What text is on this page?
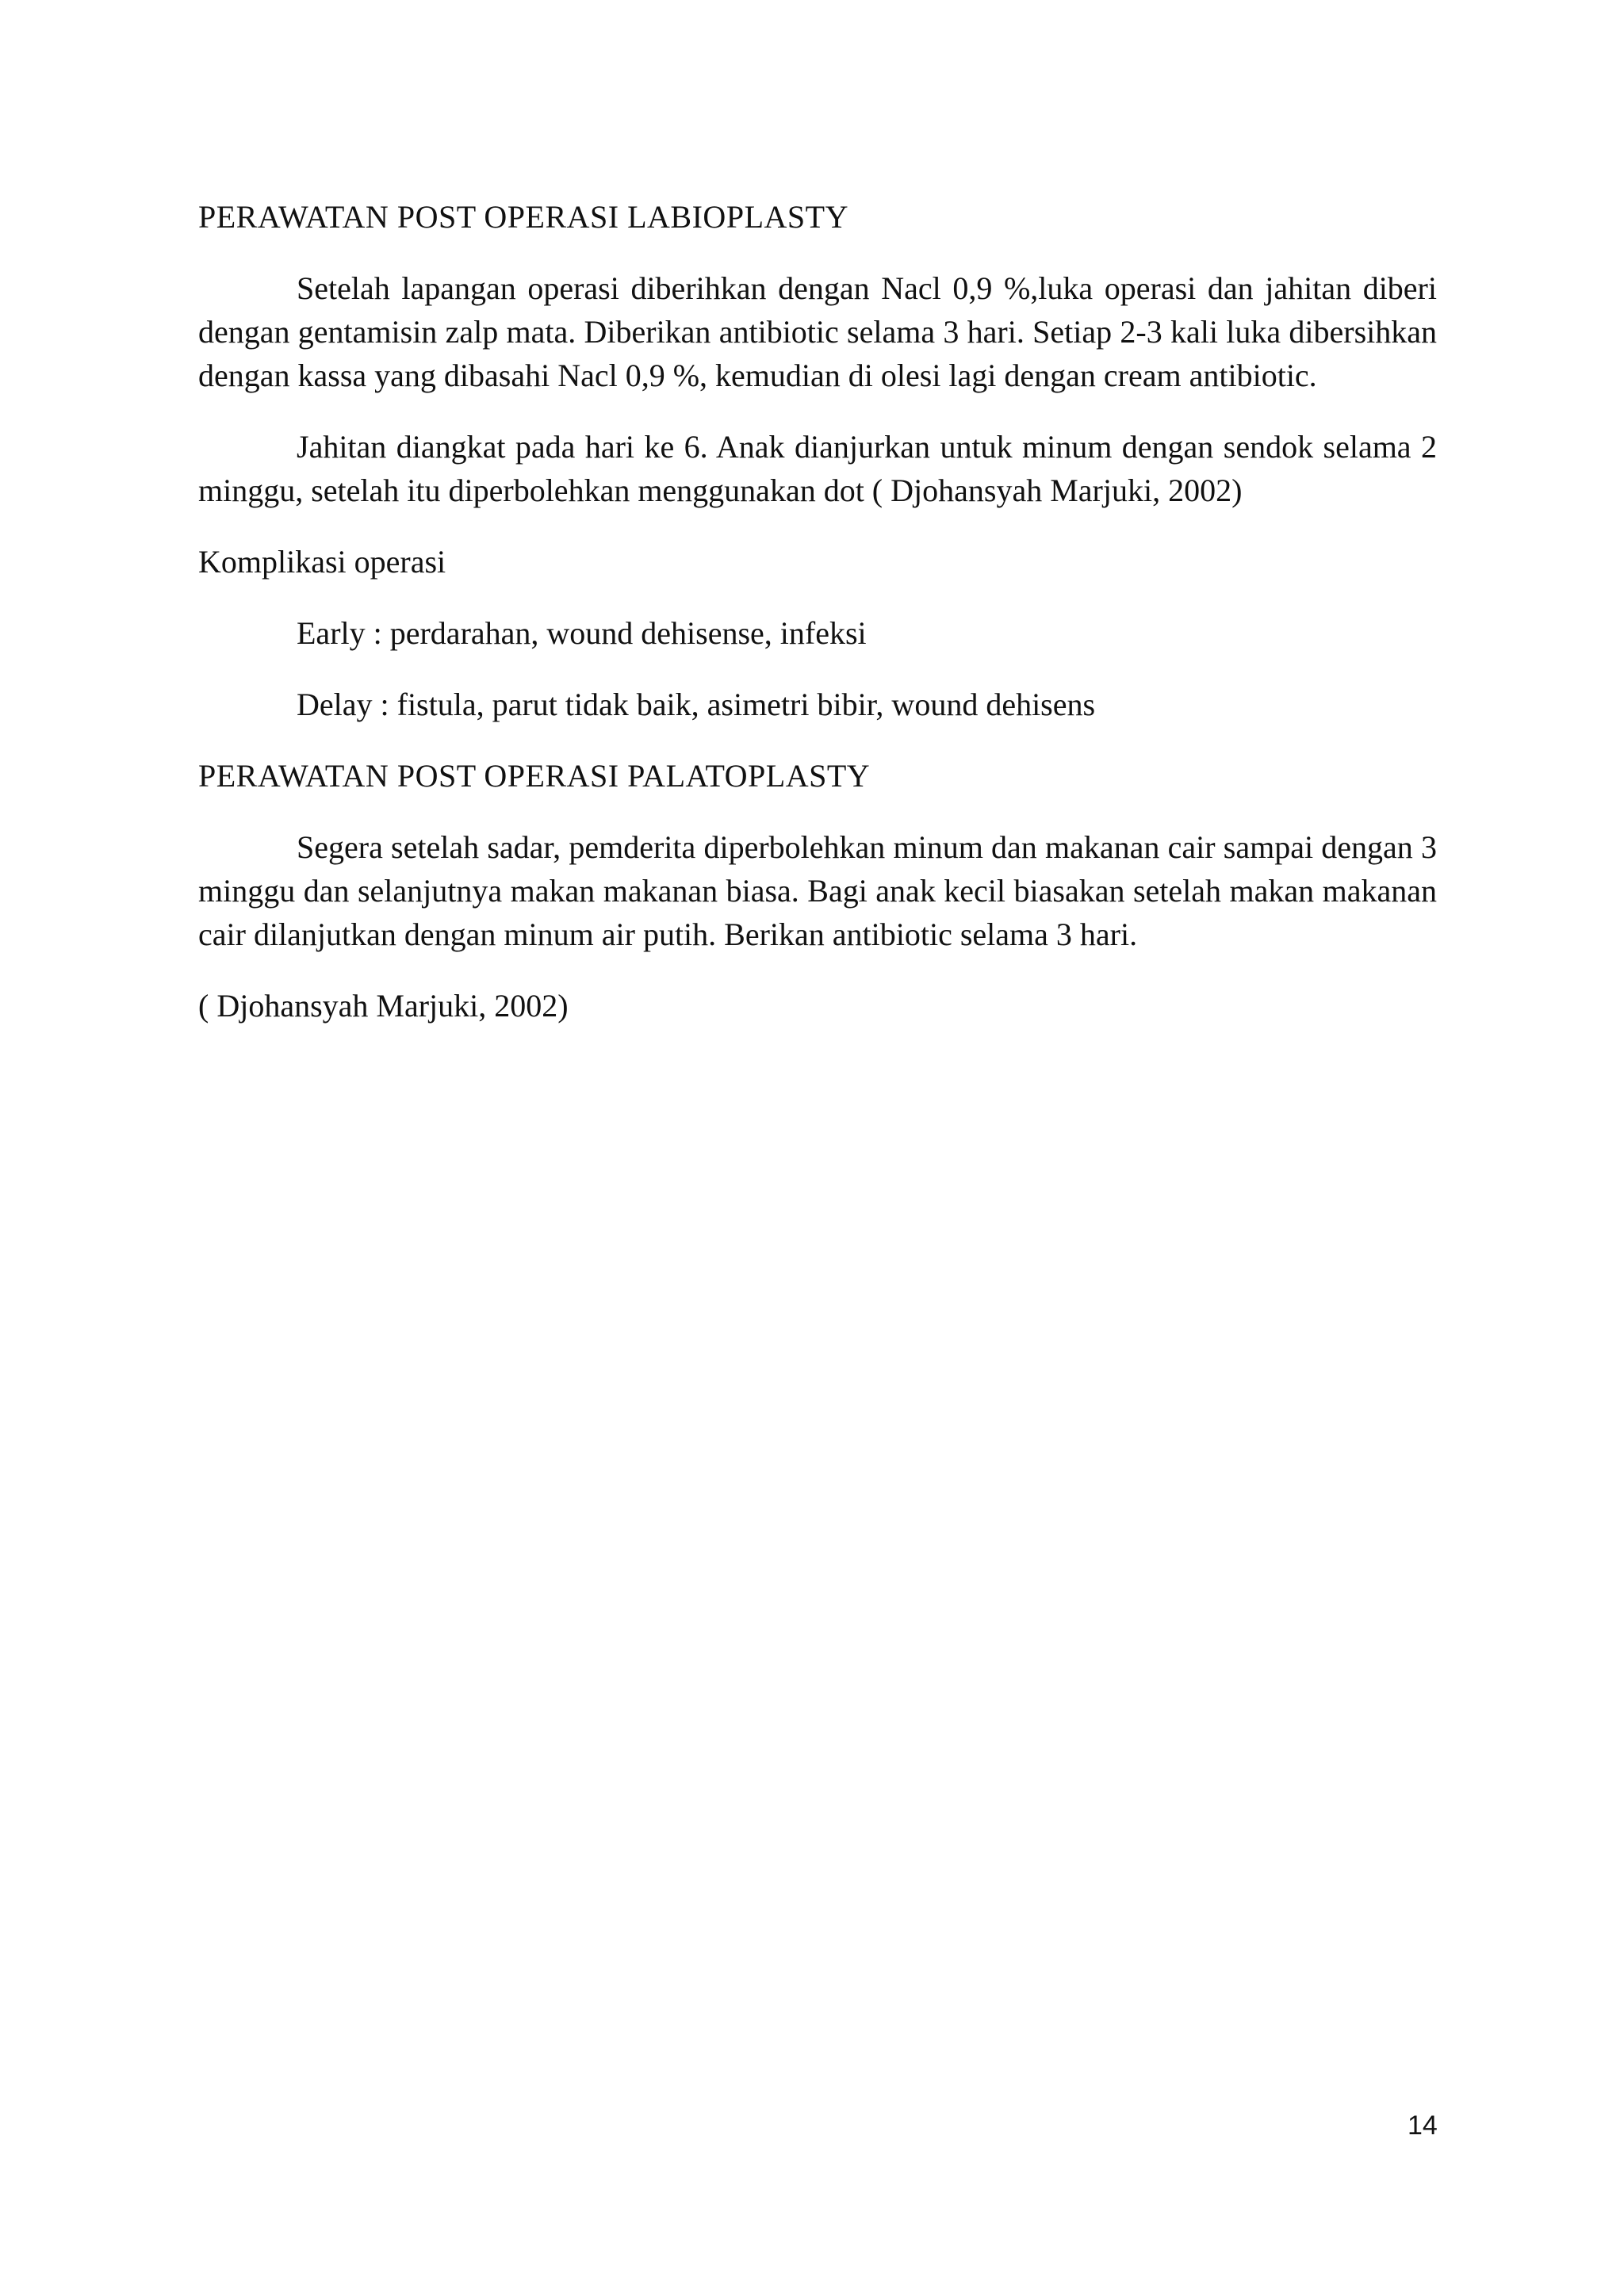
PERAWATAN POST OPERASI LABIOPLASTY

Setelah lapangan operasi diberihkan dengan Nacl 0,9 %,luka operasi dan jahitan diberi dengan gentamisin zalp mata. Diberikan antibiotic selama 3 hari. Setiap 2-3 kali luka dibersihkan dengan kassa yang dibasahi Nacl 0,9 %, kemudian di olesi lagi dengan cream antibiotic.

Jahitan diangkat pada hari ke 6. Anak dianjurkan untuk minum dengan sendok selama 2 minggu, setelah itu diperbolehkan menggunakan dot ( Djohansyah Marjuki, 2002)

Komplikasi operasi

Early : perdarahan, wound dehisense, infeksi

Delay : fistula, parut tidak baik, asimetri bibir, wound dehisens

PERAWATAN POST OPERASI PALATOPLASTY

Segera setelah sadar, pemderita diperbolehkan minum dan makanan cair sampai dengan 3 minggu dan selanjutnya makan makanan biasa. Bagi anak kecil biasakan setelah makan makanan cair dilanjutkan dengan minum air putih. Berikan antibiotic selama 3 hari.

( Djohansyah Marjuki, 2002)

14
